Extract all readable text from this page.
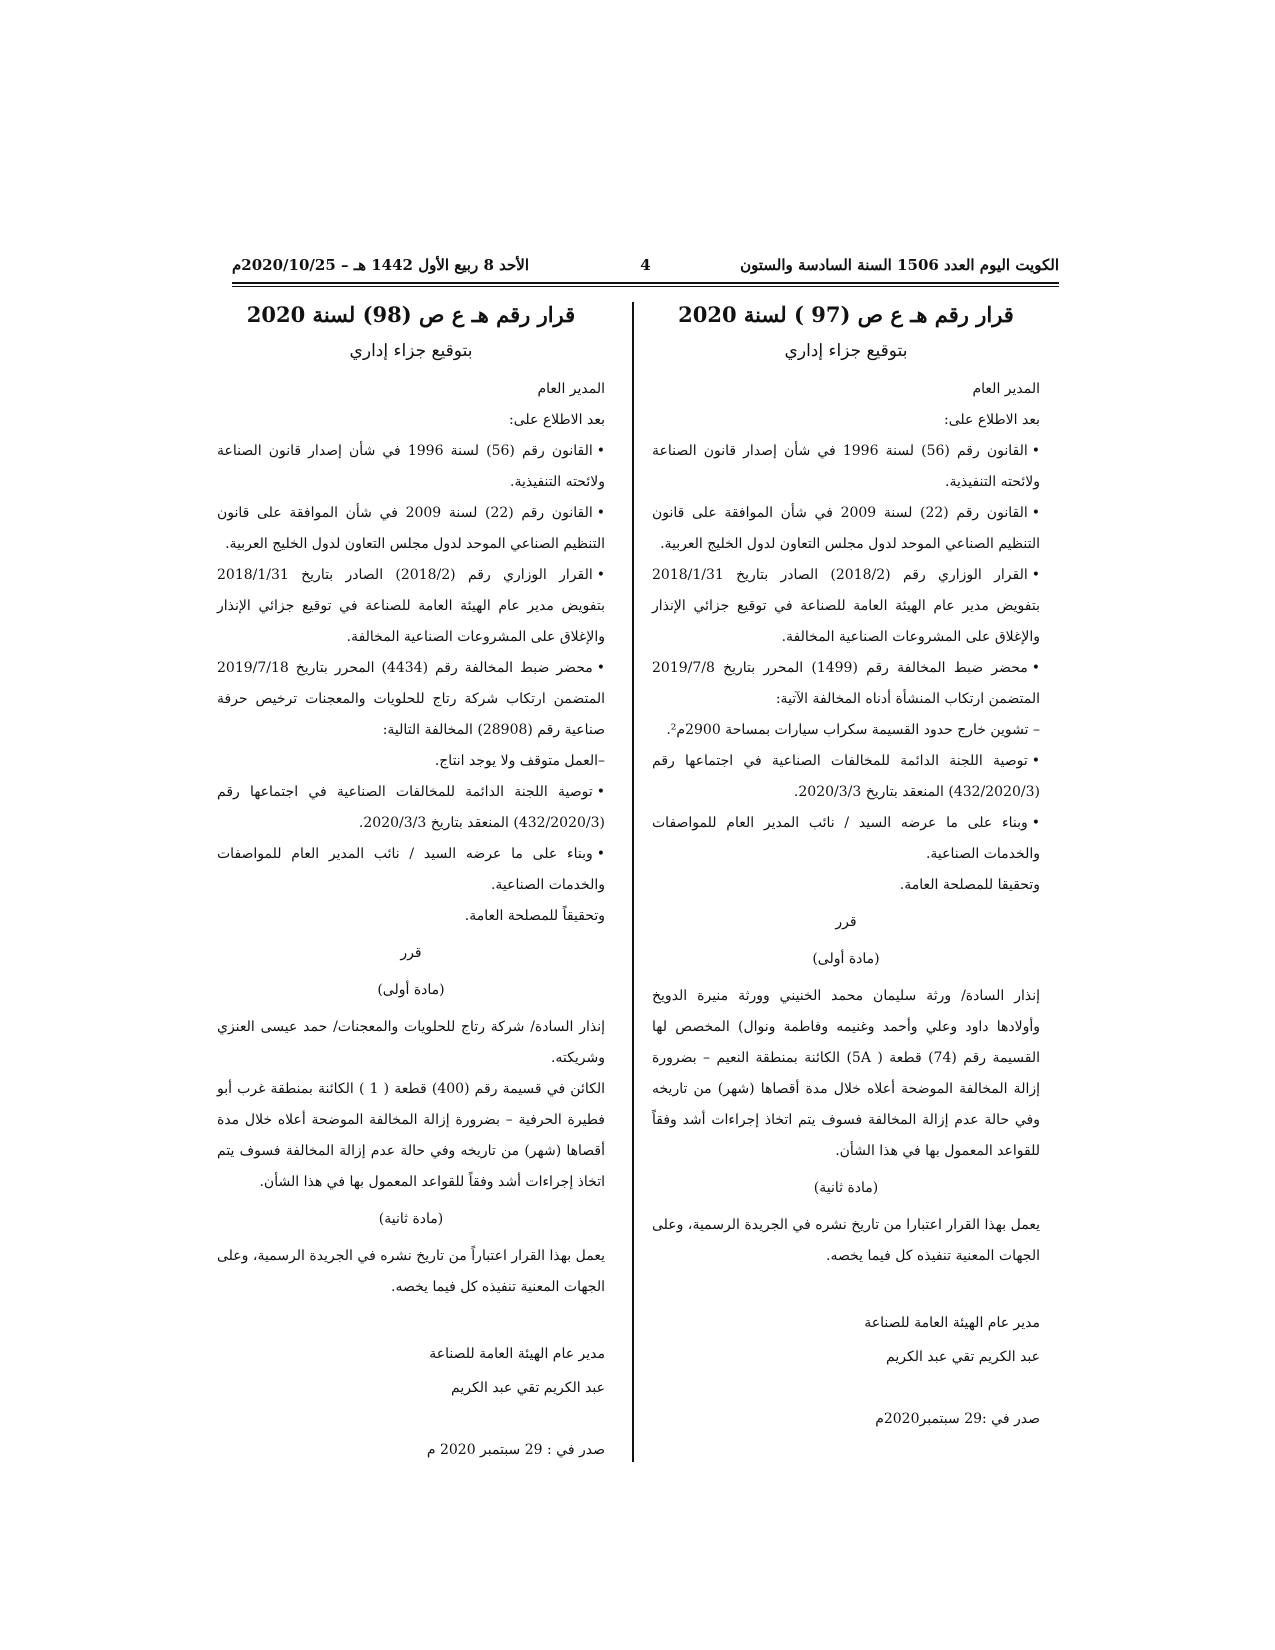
الكويت اليوم العدد 1506 السنة السادسة والستون
4
الأحد 8 ربيع الأول 1442 هـ – 2020/10/25م
قرار رقم هـ ع ص (97 ) لسنة 2020
بتوقيع جزاء إداري

المدير العام

بعد الاطلاع على:

•القانون رقم (56) لسنة 1996 في شأن إصدار قانون الصناعة ولائحته التنفيذية.

•القانون رقم (22) لسنة 2009 في شأن الموافقة على قانون التنظيم الصناعي الموحد لدول مجلس التعاون لدول الخليج العربية.

•القرار الوزاري رقم (2018/2) الصادر بتاريخ 2018/1/31 بتفويض مدير عام الهيئة العامة للصناعة في توقيع جزائي الإنذار والإغلاق على المشروعات الصناعية المخالفة.

•محضر ضبط المخالفة رقم (1499) المحرر بتاريخ 2019/7/8 المتضمن ارتكاب المنشأة أدناه المخالفة الآتية:

– تشوين خارج حدود القسيمة سكراب سيارات بمساحة 2900م².

•توصية اللجنة الدائمة للمخالفات الصناعية في اجتماعها رقم (432/2020/3) المنعقد بتاريخ 2020/3/3.

•وبناء على ما عرضه السيد / نائب المدير العام للمواصفات والخدمات الصناعية.

وتحقيقا للمصلحة العامة.

قرر

(مادة أولى)

إنذار السادة/ ورثة سليمان محمد الخنيني وورثة منيرة الدويخ وأولادها داود وعلي وأحمد وغنيمه وفاطمة ونوال) المخصص لها القسيمة رقم (74) قطعة ( 5A) الكائنة بمنطقة النعيم – بضرورة إزالة المخالفة الموضحة أعلاه خلال مدة أقصاها (شهر) من تاريخه وفي حالة عدم إزالة المخالفة فسوف يتم اتخاذ إجراءات أشد وفقاً للقواعد المعمول بها في هذا الشأن.

(مادة ثانية)

يعمل بهذا القرار اعتبارا من تاريخ نشره في الجريدة الرسمية، وعلى الجهات المعنية تنفيذه كل فيما يخصه.

مدير عام الهيئة العامة للصناعة
عبد الكريم تقي عبد الكريم
صدر في :29 سبتمبر2020م
قرار رقم هـ ع ص (98) لسنة 2020
بتوقيع جزاء إداري

المدير العام

بعد الاطلاع على:

•القانون رقم (56) لسنة 1996 في شأن إصدار قانون الصناعة ولائحته التنفيذية.

•القانون رقم (22) لسنة 2009 في شأن الموافقة على قانون التنظيم الصناعي الموحد لدول مجلس التعاون لدول الخليج العربية.

•القرار الوزاري رقم (2018/2) الصادر بتاريخ 2018/1/31 بتفويض مدير عام الهيئة العامة للصناعة في توقيع جزائي الإنذار والإغلاق على المشروعات الصناعية المخالفة.

•محضر ضبط المخالفة رقم (4434) المحرر بتاريخ 2019/7/18 المتضمن ارتكاب شركة رتاج للحلويات والمعجنات ترخيص حرفة صناعية رقم (28908) المخالفة التالية:

–العمل متوقف ولا يوجد انتاج.

•توصية اللجنة الدائمة للمخالفات الصناعية في اجتماعها رقم (432/2020/3) المنعقد بتاريخ 2020/3/3.

•وبناء على ما عرضه السيد / نائب المدير العام للمواصفات والخدمات الصناعية.

وتحقيقاً للمصلحة العامة.

قرر

(مادة أولى)

إنذار السادة/ شركة رتاج للحلويات والمعجنات/ حمد عيسى العنزي وشريكته.

الكائن في قسيمة رقم (400) قطعة ( 1 ) الكائنة بمنطقة غرب أبو فطيرة الحرفية – بضرورة إزالة المخالفة الموضحة أعلاه خلال مدة أقصاها (شهر) من تاريخه وفي حالة عدم إزالة المخالفة فسوف يتم اتخاذ إجراءات أشد وفقاً للقواعد المعمول بها في هذا الشأن.

(مادة ثانية)

يعمل بهذا القرار اعتباراً من تاريخ نشره في الجريدة الرسمية، وعلى الجهات المعنية تنفيذه كل فيما يخصه.

مدير عام الهيئة العامة للصناعة
عبد الكريم تقي عبد الكريم
صدر في : 29 سبتمبر 2020 م
